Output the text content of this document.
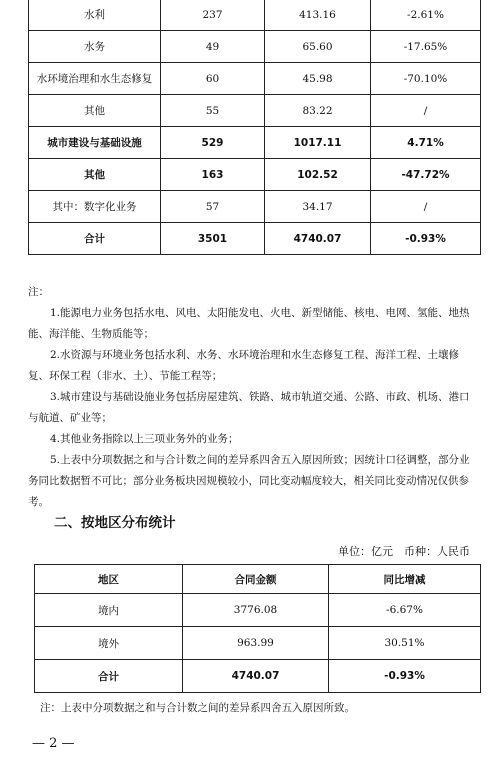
水利	237	413.16	-2.61%
水务	49	65.60	-17.65%
水环境治理和水生态修复	60	45.98	-70.10%
其他	55	83.22	/
城市建设与基础设施	529	1017.11	4.71%
其他	163	102.52	-47.72%
其中：数字化业务	57	34.17	/
合计	3501	4740.07	-0.93%

注：

1.能源电力业务包括水电、风电、太阳能发电、火电、新型储能、核电、电网、氢能、地热能、海洋能、生物质能等；

2.水资源与环境业务包括水利、水务、水环境治理和水生态修复工程、海洋工程、土壤修复、环保工程（非水、土）、节能工程等；

3.城市建设与基础设施业务包括房屋建筑、铁路、城市轨道交通、公路、市政、机场、港口与航道、矿业等；

4.其他业务指除以上三项业务外的业务；

5.上表中分项数据之和与合计数之间的差异系四舍五入原因所致；因统计口径调整，部分业务同比数据暂不可比；部分业务板块因规模较小，同比变动幅度较大，相关同比变动情况仅供参考。

二、按地区分布统计
单位：亿元　币种：人民币
地区	合同金额	同比增减
境内	3776.08	-6.67%
境外	963.99	30.51%
合计	4740.07	-0.93%
注：上表中分项数据之和与合计数之间的差异系四舍五入原因所致。
— 2 —
